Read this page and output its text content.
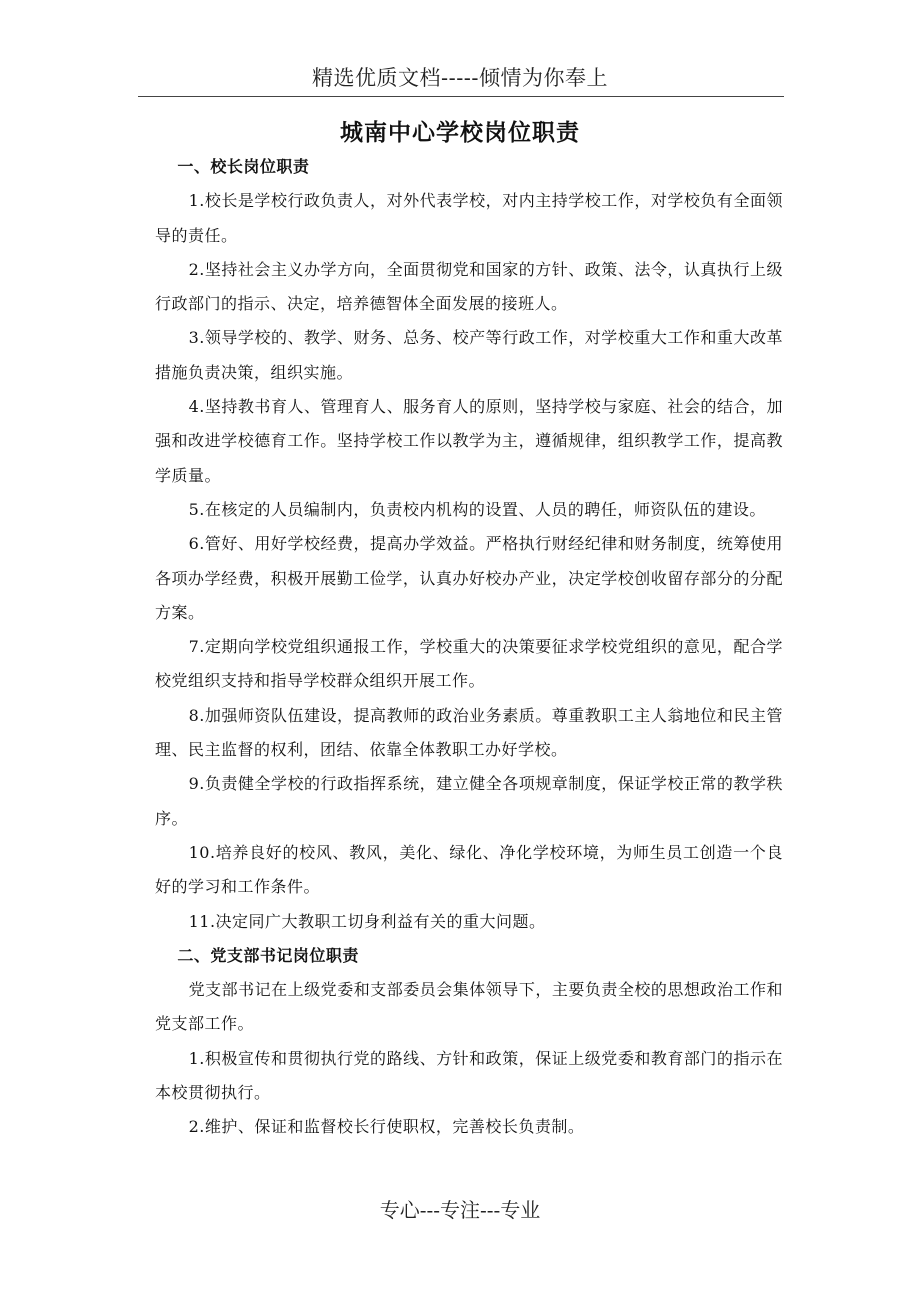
精选优质文档-----倾情为你奉上
城南中心学校岗位职责

一、校长岗位职责

1.校长是学校行政负责人，对外代表学校，对内主持学校工作，对学校负有全面领导的责任。

2.坚持社会主义办学方向，全面贯彻党和国家的方针、政策、法令，认真执行上级行政部门的指示、决定，培养德智体全面发展的接班人。

3.领导学校的、教学、财务、总务、校产等行政工作，对学校重大工作和重大改革措施负责决策，组织实施。

4.坚持教书育人、管理育人、服务育人的原则，坚持学校与家庭、社会的结合，加强和改进学校德育工作。坚持学校工作以教学为主，遵循规律，组织教学工作，提高教学质量。

5.在核定的人员编制内，负责校内机构的设置、人员的聘任，师资队伍的建设。

6.管好、用好学校经费，提高办学效益。严格执行财经纪律和财务制度，统筹使用各项办学经费，积极开展勤工俭学，认真办好校办产业，决定学校创收留存部分的分配方案。

7.定期向学校党组织通报工作，学校重大的决策要征求学校党组织的意见，配合学校党组织支持和指导学校群众组织开展工作。

8.加强师资队伍建设，提高教师的政治业务素质。尊重教职工主人翁地位和民主管理、民主监督的权利，团结、依靠全体教职工办好学校。

9.负责健全学校的行政指挥系统，建立健全各项规章制度，保证学校正常的教学秩序。

10.培养良好的校风、教风，美化、绿化、净化学校环境，为师生员工创造一个良好的学习和工作条件。

11.决定同广大教职工切身利益有关的重大问题。

二、党支部书记岗位职责

党支部书记在上级党委和支部委员会集体领导下，主要负责全校的思想政治工作和党支部工作。

1.积极宣传和贯彻执行党的路线、方针和政策，保证上级党委和教育部门的指示在本校贯彻执行。

2.维护、保证和监督校长行使职权，完善校长负责制。

专心---专注---专业
